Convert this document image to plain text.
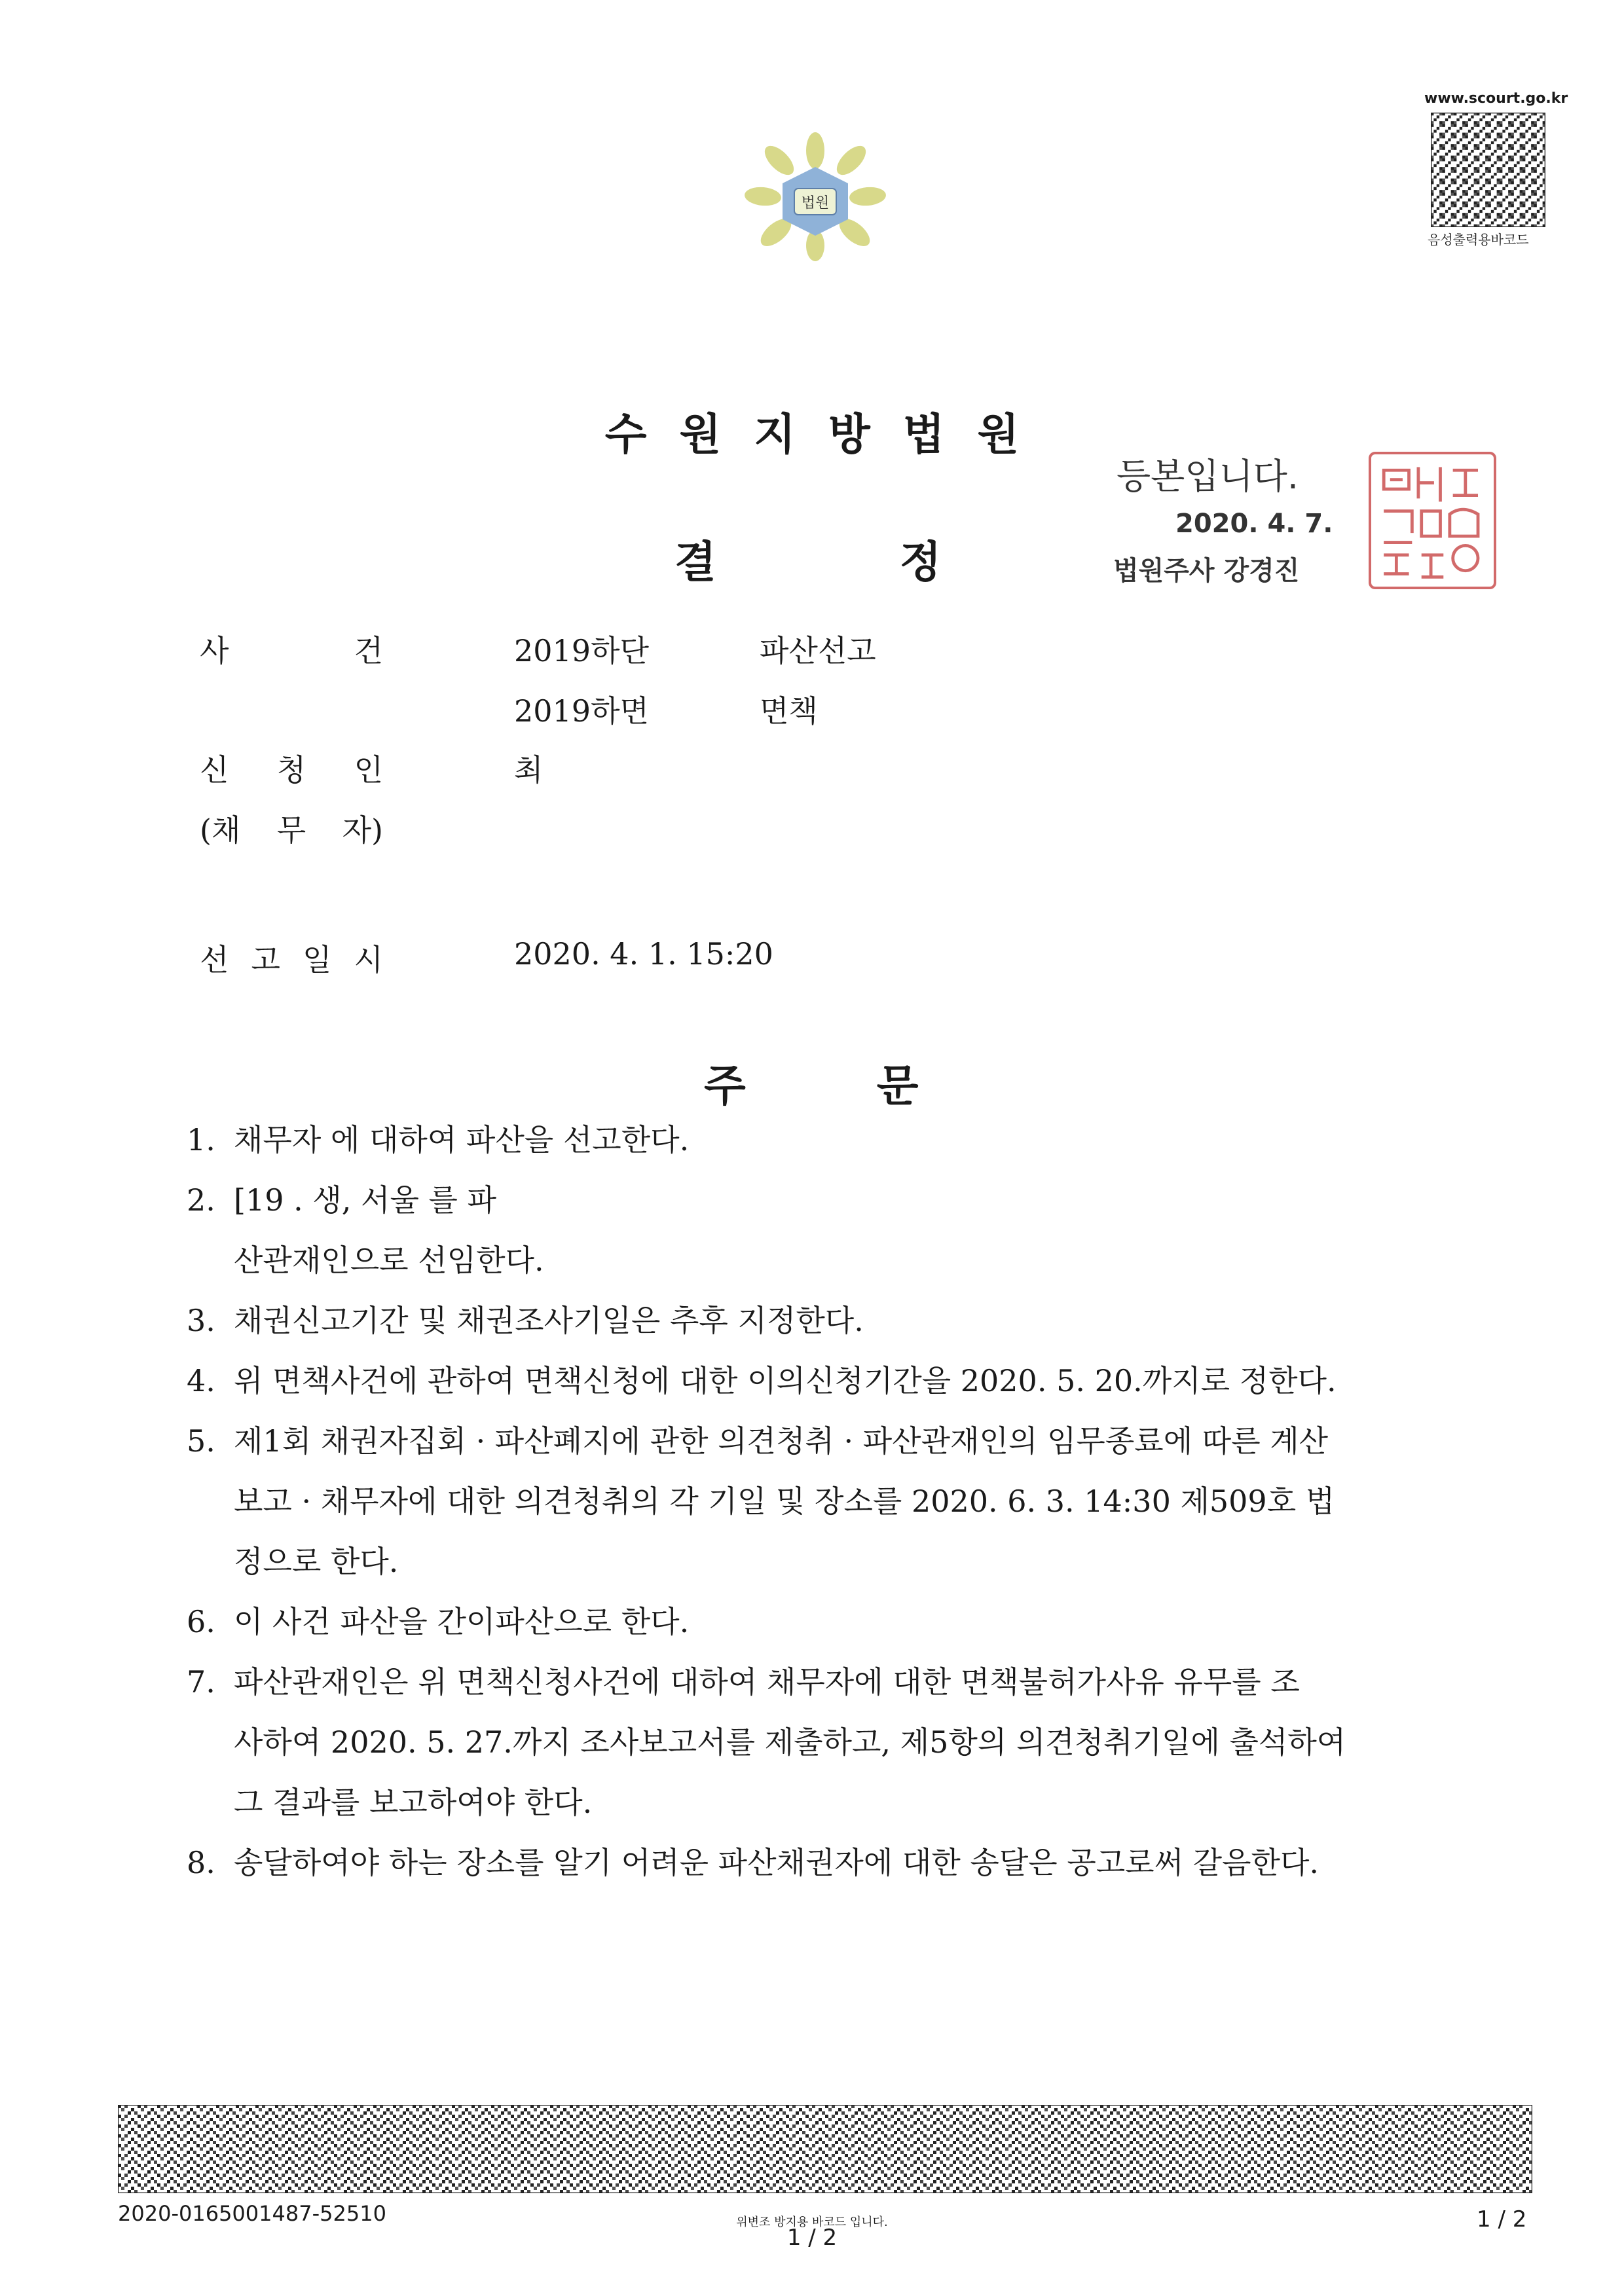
법원
www.scourt.go.kr
음성출력용바코드
수원지방법원
결정
등본입니다.
2020. 4. 7.
법원주사 강경진
사	건	2019하단	파산선고
2019하면	면책
신 청 인	최
(채 무 자)
선 고 일 시	2020. 4. 1. 15:20
주문
1. 채무자 에 대하여 파산을 선고한다.
2. [19 . 생, 서울 를 파
산관재인으로 선임한다.
3. 채권신고기간 및 채권조사기일은 추후 지정한다.
4. 위 면책사건에 관하여 면책신청에 대한 이의신청기간을 2020. 5. 20.까지로 정한다.
5. 제1회 채권자집회 · 파산폐지에 관한 의견청취 · 파산관재인의 임무종료에 따른 계산
보고 · 채무자에 대한 의견청취의 각 기일 및 장소를 2020. 6. 3. 14:30 제509호 법
정으로 한다.
6. 이 사건 파산을 간이파산으로 한다.
7. 파산관재인은 위 면책신청사건에 대하여 채무자에 대한 면책불허가사유 유무를 조
사하여 2020. 5. 27.까지 조사보고서를 제출하고, 제5항의 의견청취기일에 출석하여
그 결과를 보고하여야 한다.
8. 송달하여야 하는 장소를 알기 어려운 파산채권자에 대한 송달은 공고로써 갈음한다.
2020-0165001487-52510	위변조 방지용 바코드 입니다.
1 / 2
1 / 2
